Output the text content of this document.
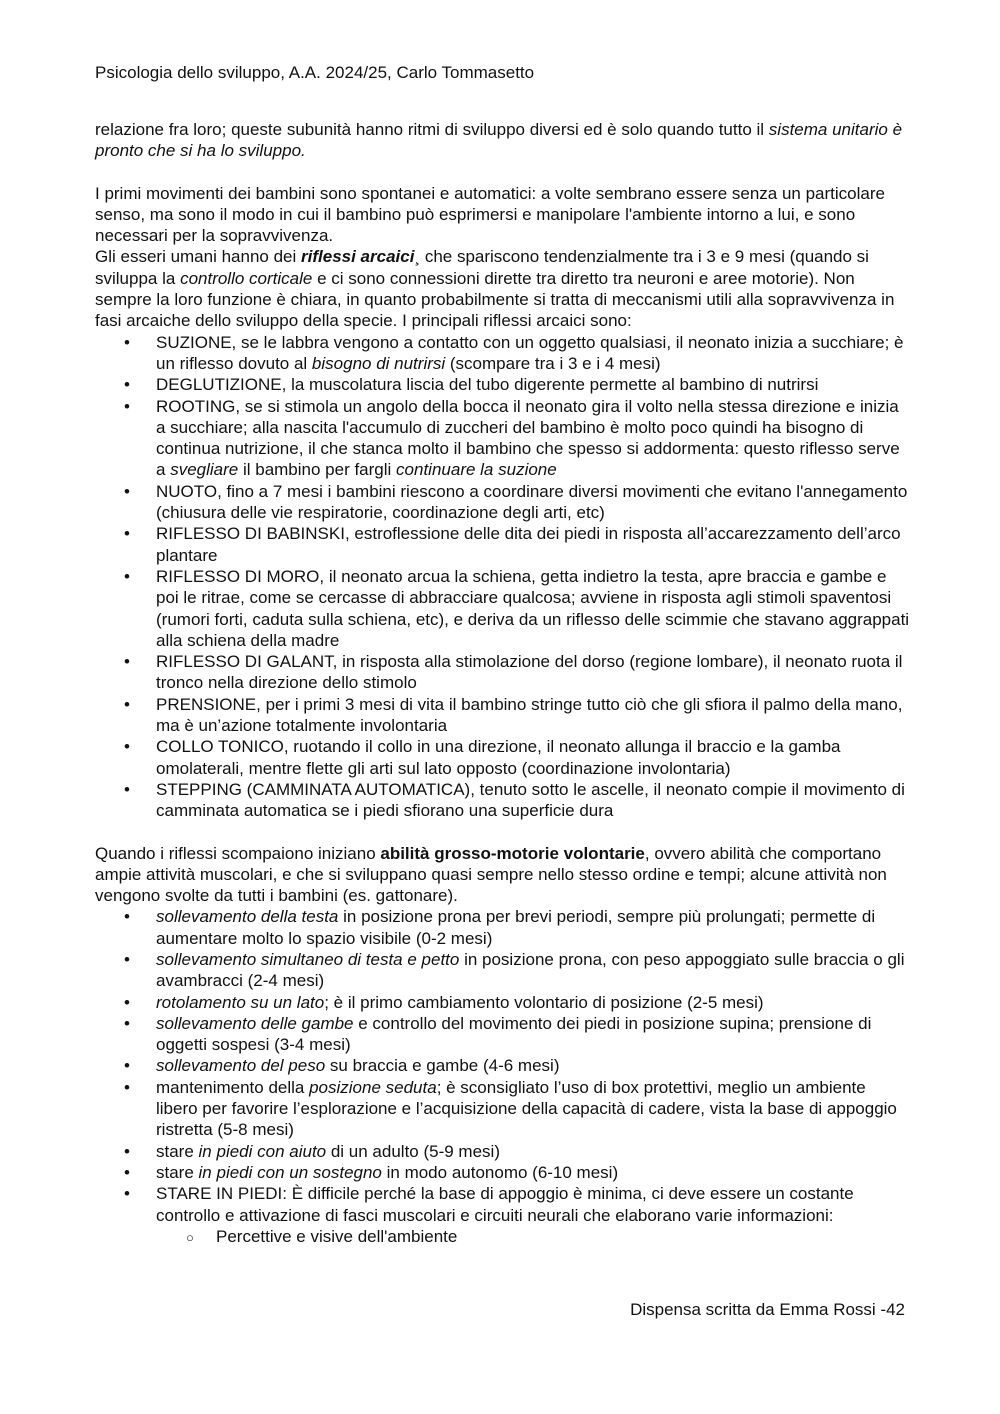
Psicologia dello sviluppo, A.A. 2024/25, Carlo Tommasetto

relazione fra loro; queste subunità hanno ritmi di sviluppo diversi ed è solo quando tutto il sistema unitario è pronto che si ha lo sviluppo.

I primi movimenti dei bambini sono spontanei e automatici: a volte sembrano essere senza un particolare senso, ma sono il modo in cui il bambino può esprimersi e manipolare l'ambiente intorno a lui, e sono necessari per la sopravvivenza.

Gli esseri umani hanno dei riflessi arcaici¸ che spariscono tendenzialmente tra i 3 e 9 mesi (quando si sviluppa la controllo corticale e ci sono connessioni dirette tra diretto tra neuroni e aree motorie). Non sempre la loro funzione è chiara, in quanto probabilmente si tratta di meccanismi utili alla sopravvivenza in fasi arcaiche dello sviluppo della specie. I principali riflessi arcaici sono:

• SUZIONE, se le labbra vengono a contatto con un oggetto qualsiasi, il neonato inizia a succhiare; è un riflesso dovuto al bisogno di nutrirsi (scompare tra i 3 e i 4 mesi)
• DEGLUTIZIONE, la muscolatura liscia del tubo digerente permette al bambino di nutrirsi
• ROOTING, se si stimola un angolo della bocca il neonato gira il volto nella stessa direzione e inizia a succhiare; alla nascita l'accumulo di zuccheri del bambino è molto poco quindi ha bisogno di continua nutrizione, il che stanca molto il bambino che spesso si addormenta: questo riflesso serve a svegliare il bambino per fargli continuare la suzione
• NUOTO, fino a 7 mesi i bambini riescono a coordinare diversi movimenti che evitano l'annegamento (chiusura delle vie respiratorie, coordinazione degli arti, etc)
• RIFLESSO DI BABINSKI, estroflessione delle dita dei piedi in risposta all’accarezzamento dell’arco plantare
• RIFLESSO DI MORO, il neonato arcua la schiena, getta indietro la testa, apre braccia e gambe e poi le ritrae, come se cercasse di abbracciare qualcosa; avviene in risposta agli stimoli spaventosi (rumori forti, caduta sulla schiena, etc), e deriva da un riflesso delle scimmie che stavano aggrappati alla schiena della madre
• RIFLESSO DI GALANT, in risposta alla stimolazione del dorso (regione lombare), il neonato ruota il tronco nella direzione dello stimolo
• PRENSIONE, per i primi 3 mesi di vita il bambino stringe tutto ciò che gli sfiora il palmo della mano, ma è un’azione totalmente involontaria
• COLLO TONICO, ruotando il collo in una direzione, il neonato allunga il braccio e la gamba omolaterali, mentre flette gli arti sul lato opposto (coordinazione involontaria)
• STEPPING (CAMMINATA AUTOMATICA), tenuto sotto le ascelle, il neonato compie il movimento di camminata automatica se i piedi sfiorano una superficie dura

Quando i riflessi scompaiono iniziano abilità grosso-motorie volontarie, ovvero abilità che comportano ampie attività muscolari, e che si sviluppano quasi sempre nello stesso ordine e tempi; alcune attività non vengono svolte da tutti i bambini (es. gattonare).

• sollevamento della testa in posizione prona per brevi periodi, sempre più prolungati; permette di aumentare molto lo spazio visibile (0-2 mesi)
• sollevamento simultaneo di testa e petto in posizione prona, con peso appoggiato sulle braccia o gli avambracci (2-4 mesi)
• rotolamento su un lato; è il primo cambiamento volontario di posizione (2-5 mesi)
• sollevamento delle gambe e controllo del movimento dei piedi in posizione supina; prensione di oggetti sospesi (3-4 mesi)
• sollevamento del peso su braccia e gambe (4-6 mesi)
• mantenimento della posizione seduta; è sconsigliato l’uso di box protettivi, meglio un ambiente libero per favorire l’esplorazione e l’acquisizione della capacità di cadere, vista la base di appoggio ristretta (5-8 mesi)
• stare in piedi con aiuto di un adulto (5-9 mesi)
• stare in piedi con un sostegno in modo autonomo (6-10 mesi)
• STARE IN PIEDI: È difficile perché la base di appoggio è minima, ci deve essere un costante controllo e attivazione di fasci muscolari e circuiti neurali che elaborano varie informazioni:
○ Percettive e visive dell'ambiente
Dispensa scritta da Emma Rossi -42
